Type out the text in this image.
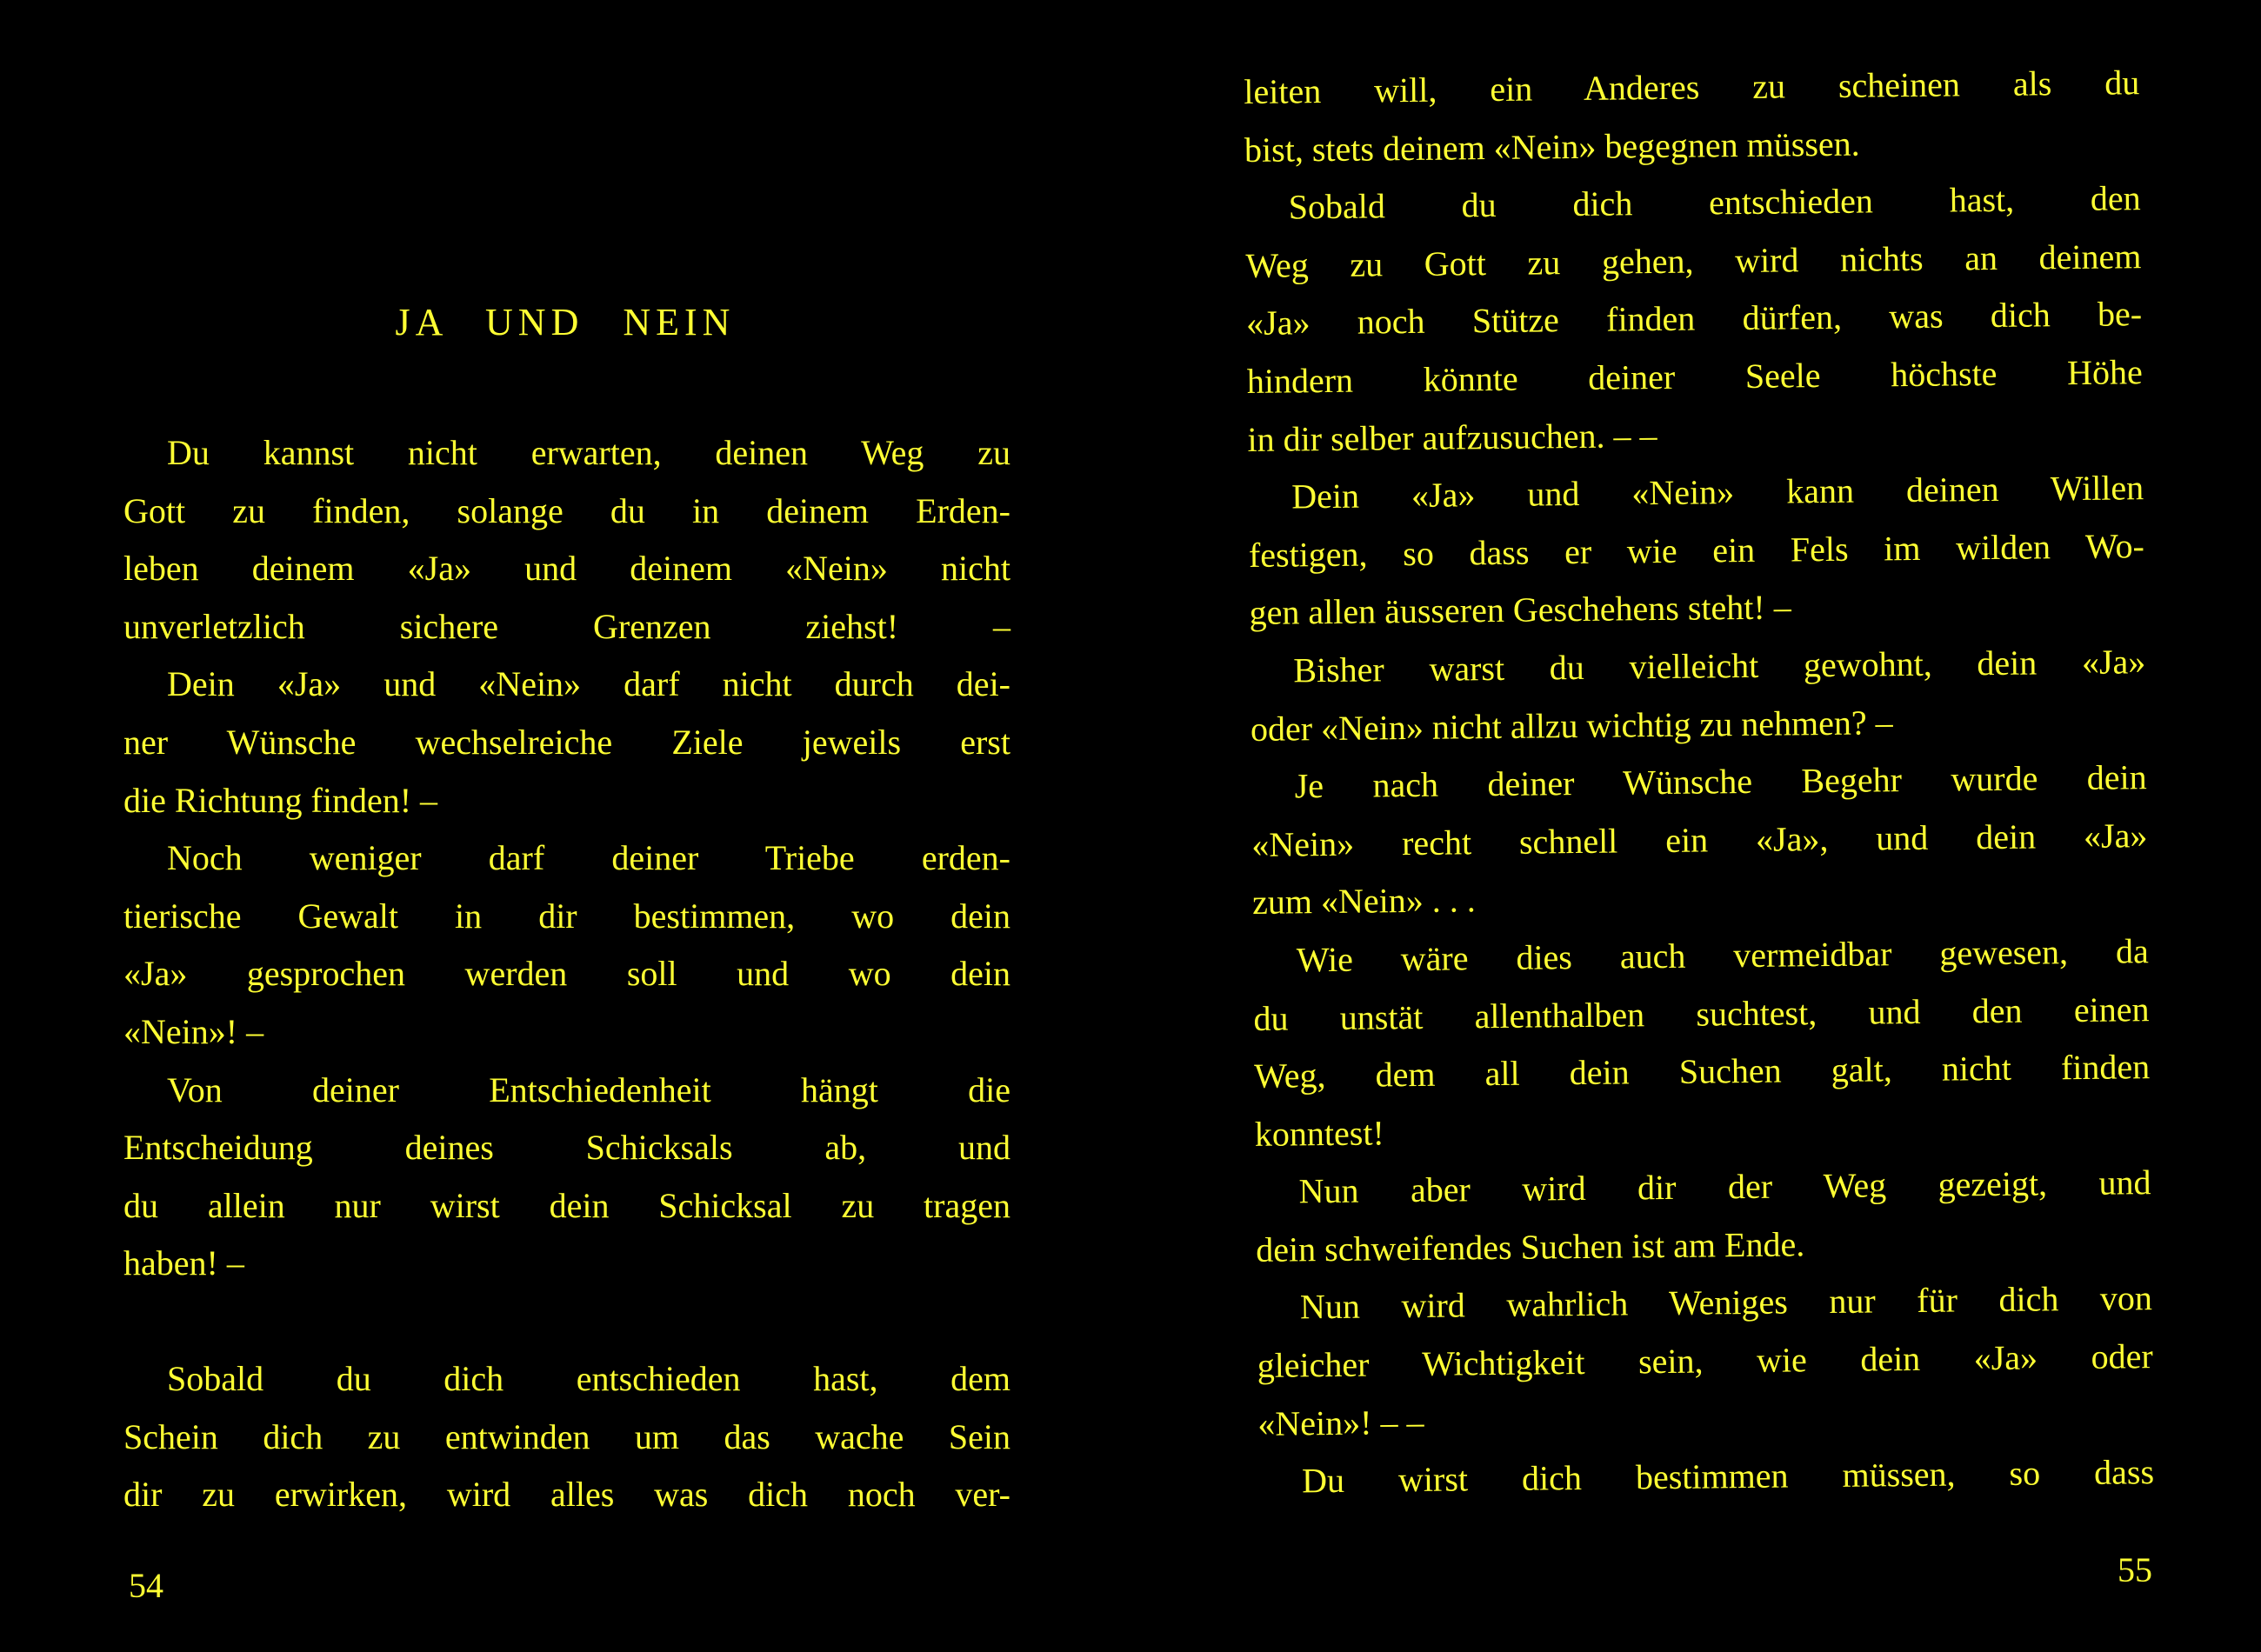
JA UND NEIN
Du kannst nicht erwarten, deinen Weg zu
Gott zu finden, solange du in deinem Erden-
leben deinem «Ja» und deinem «Nein» nicht
unverletzlich sichere Grenzen ziehst! –
Dein «Ja» und «Nein» darf nicht durch dei-
ner Wünsche wechselreiche Ziele jeweils erst
die Richtung finden! –
Noch weniger darf deiner Triebe erden-
tierische Gewalt in dir bestimmen, wo dein
«Ja» gesprochen werden soll und wo dein
«Nein»! –
Von deiner Entschiedenheit hängt die
Entscheidung deines Schicksals ab, und
du allein nur wirst dein Schicksal zu tragen
haben! –
Sobald du dich entschieden hast, dem
Schein dich zu entwinden um das wache Sein
dir zu erwirken, wird alles was dich noch ver-

54

leiten will, ein Anderes zu scheinen als du
bist, stets deinem «Nein» begegnen müssen.
Sobald du dich entschieden hast, den
Weg zu Gott zu gehen, wird nichts an deinem
«Ja» noch Stütze finden dürfen, was dich be-
hindern könnte deiner Seele höchste Höhe
in dir selber aufzusuchen. – –
Dein «Ja» und «Nein» kann deinen Willen
festigen, so dass er wie ein Fels im wilden Wo-
gen allen äusseren Geschehens steht! –
Bisher warst du vielleicht gewohnt, dein «Ja»
oder «Nein» nicht allzu wichtig zu nehmen? –
Je nach deiner Wünsche Begehr wurde dein
«Nein» recht schnell ein «Ja», und dein «Ja»
zum «Nein» . . .
Wie wäre dies auch vermeidbar gewesen, da
du unstät allenthalben suchtest, und den einen
Weg, dem all dein Suchen galt, nicht finden
konntest!
Nun aber wird dir der Weg gezeigt, und
dein schweifendes Suchen ist am Ende.
Nun wird wahrlich Weniges nur für dich von
gleicher Wichtigkeit sein, wie dein «Ja» oder
«Nein»! – –
Du wirst dich bestimmen müssen, so dass

55
